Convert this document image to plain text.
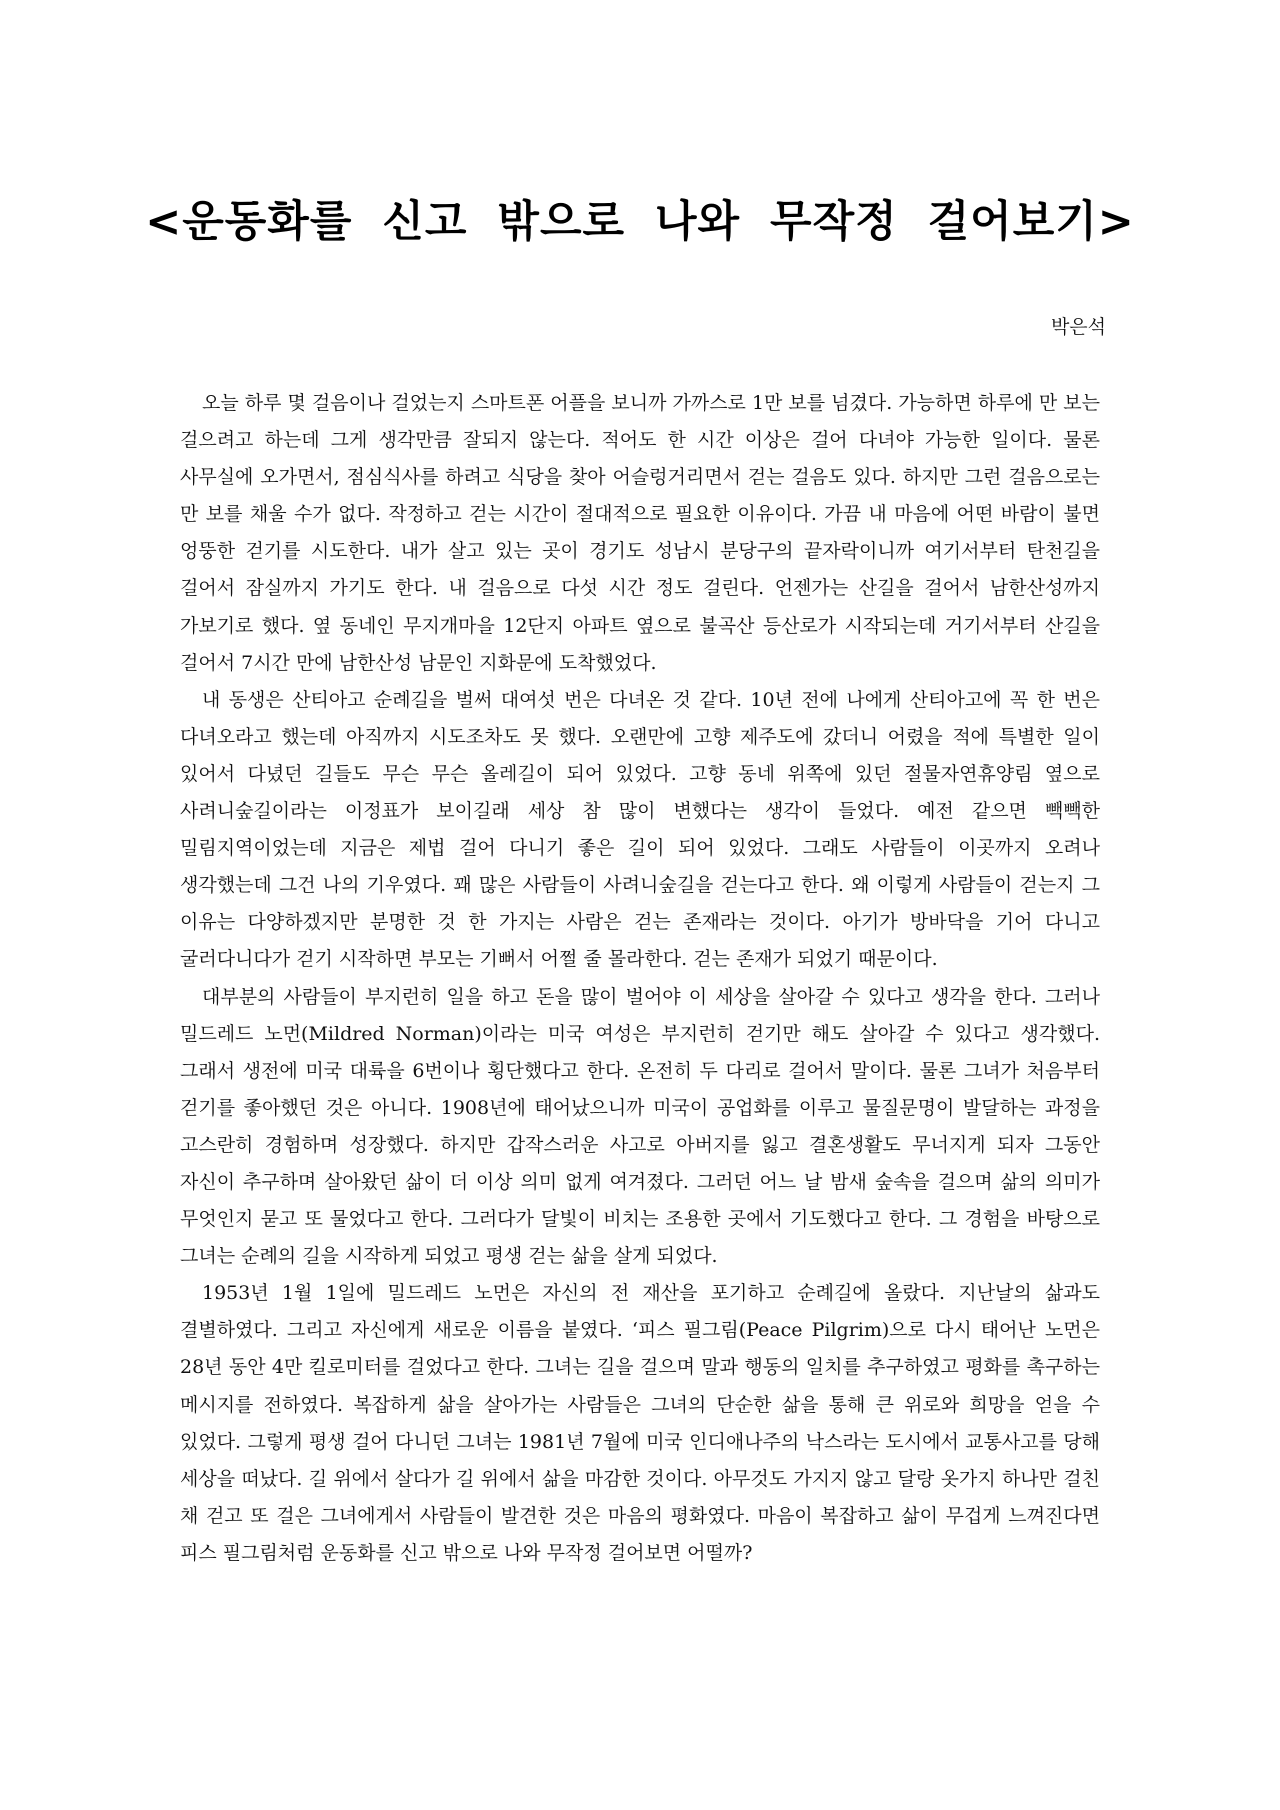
<운동화를 신고 밖으로 나와 무작정 걸어보기>

박은석

오늘 하루 몇 걸음이나 걸었는지 스마트폰 어플을 보니까 가까스로 1만 보를 넘겼다. 가능하면 하루에 만 보는 걸으려고 하는데 그게 생각만큼 잘되지 않는다. 적어도 한 시간 이상은 걸어 다녀야 가능한 일이다. 물론 사무실에 오가면서, 점심식사를 하려고 식당을 찾아 어슬렁거리면서 걷는 걸음도 있다. 하지만 그런 걸음으로는 만 보를 채울 수가 없다. 작정하고 걷는 시간이 절대적으로 필요한 이유이다. 가끔 내 마음에 어떤 바람이 불면 엉뚱한 걷기를 시도한다. 내가 살고 있는 곳이 경기도 성남시 분당구의 끝자락이니까 여기서부터 탄천길을 걸어서 잠실까지 가기도 한다. 내 걸음으로 다섯 시간 정도 걸린다. 언젠가는 산길을 걸어서 남한산성까지 가보기로 했다. 옆 동네인 무지개마을 12단지 아파트 옆으로 불곡산 등산로가 시작되는데 거기서부터 산길을 걸어서 7시간 만에 남한산성 남문인 지화문에 도착했었다.

내 동생은 산티아고 순례길을 벌써 대여섯 번은 다녀온 것 같다. 10년 전에 나에게 산티아고에 꼭 한 번은 다녀오라고 했는데 아직까지 시도조차도 못 했다. 오랜만에 고향 제주도에 갔더니 어렸을 적에 특별한 일이 있어서 다녔던 길들도 무슨 무슨 올레길이 되어 있었다. 고향 동네 위쪽에 있던 절물자연휴양림 옆으로 사려니숲길이라는 이정표가 보이길래 세상 참 많이 변했다는 생각이 들었다. 예전 같으면 빽빽한 밀림지역이었는데 지금은 제법 걸어 다니기 좋은 길이 되어 있었다. 그래도 사람들이 이곳까지 오려나 생각했는데 그건 나의 기우였다. 꽤 많은 사람들이 사려니숲길을 걷는다고 한다. 왜 이렇게 사람들이 걷는지 그 이유는 다양하겠지만 분명한 것 한 가지는 사람은 걷는 존재라는 것이다. 아기가 방바닥을 기어 다니고 굴러다니다가 걷기 시작하면 부모는 기뻐서 어쩔 줄 몰라한다. 걷는 존재가 되었기 때문이다.

대부분의 사람들이 부지런히 일을 하고 돈을 많이 벌어야 이 세상을 살아갈 수 있다고 생각을 한다. 그러나 밀드레드 노먼(Mildred Norman)이라는 미국 여성은 부지런히 걷기만 해도 살아갈 수 있다고 생각했다. 그래서 생전에 미국 대륙을 6번이나 횡단했다고 한다. 온전히 두 다리로 걸어서 말이다. 물론 그녀가 처음부터 걷기를 좋아했던 것은 아니다. 1908년에 태어났으니까 미국이 공업화를 이루고 물질문명이 발달하는 과정을 고스란히 경험하며 성장했다. 하지만 갑작스러운 사고로 아버지를 잃고 결혼생활도 무너지게 되자 그동안 자신이 추구하며 살아왔던 삶이 더 이상 의미 없게 여겨졌다. 그러던 어느 날 밤새 숲속을 걸으며 삶의 의미가 무엇인지 묻고 또 물었다고 한다. 그러다가 달빛이 비치는 조용한 곳에서 기도했다고 한다. 그 경험을 바탕으로 그녀는 순례의 길을 시작하게 되었고 평생 걷는 삶을 살게 되었다.

1953년 1월 1일에 밀드레드 노먼은 자신의 전 재산을 포기하고 순례길에 올랐다. 지난날의 삶과도 결별하였다. 그리고 자신에게 새로운 이름을 붙였다. ‘피스 필그림(Peace Pilgrim)으로 다시 태어난 노먼은 28년 동안 4만 킬로미터를 걸었다고 한다. 그녀는 길을 걸으며 말과 행동의 일치를 추구하였고 평화를 촉구하는 메시지를 전하였다. 복잡하게 삶을 살아가는 사람들은 그녀의 단순한 삶을 통해 큰 위로와 희망을 얻을 수 있었다. 그렇게 평생 걸어 다니던 그녀는 1981년 7월에 미국 인디애나주의 낙스라는 도시에서 교통사고를 당해 세상을 떠났다. 길 위에서 살다가 길 위에서 삶을 마감한 것이다. 아무것도 가지지 않고 달랑 옷가지 하나만 걸친 채 걷고 또 걸은 그녀에게서 사람들이 발견한 것은 마음의 평화였다. 마음이 복잡하고 삶이 무겁게 느껴진다면 피스 필그림처럼 운동화를 신고 밖으로 나와 무작정 걸어보면 어떨까?
